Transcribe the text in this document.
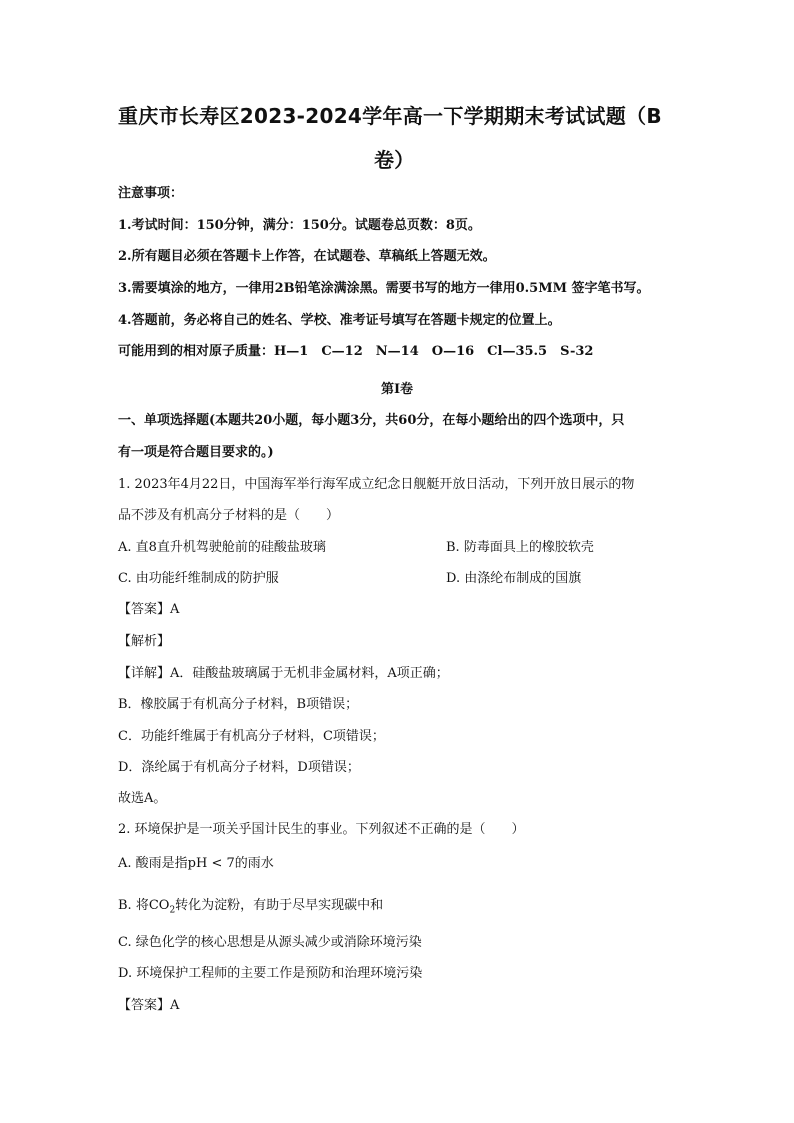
重庆市长寿区2023-2024学年高一下学期期末考试试题（B
卷）
注意事项：
1.考试时间：150分钟，满分：150分。试题卷总页数：8页。
2.所有题目必须在答题卡上作答，在试题卷、草稿纸上答题无效。
3.需要填涂的地方，一律用2B铅笔涂满涂黑。需要书写的地方一律用0.5MM 签字笔书写。
4.答题前，务必将自己的姓名、学校、准考证号填写在答题卡规定的位置上。
可能用到的相对原子质量：H—1　C—12　N—14　O—16　Cl—35.5　S-32
第Ⅰ卷
一、单项选择题(本题共20小题，每小题3分，共60分，在每小题给出的四个选项中，只
有一项是符合题目要求的。)
1. 2023年4月22日，中国海军举行海军成立纪念日舰艇开放日活动，下列开放日展示的物
品不涉及有机高分子材料的是（　　）
A. 直8直升机驾驶舱前的硅酸盐玻璃	B. 防毒面具上的橡胶软壳
C. 由功能纤维制成的防护服	D. 由涤纶布制成的国旗
【答案】A
【解析】
【详解】A．硅酸盐玻璃属于无机非金属材料，A项正确；
B．橡胶属于有机高分子材料，B项错误；
C．功能纤维属于有机高分子材料，C项错误；
D．涤纶属于有机高分子材料，D项错误；
故选A。
2. 环境保护是一项关乎国计民生的事业。下列叙述不正确的是（　　）
A. 酸雨是指pH < 7的雨水
B. 将$CO_2$转化为淀粉，有助于尽早实现碳中和
C. 绿色化学的核心思想是从源头减少或消除环境污染
D. 环境保护工程师的主要工作是预防和治理环境污染
【答案】A
